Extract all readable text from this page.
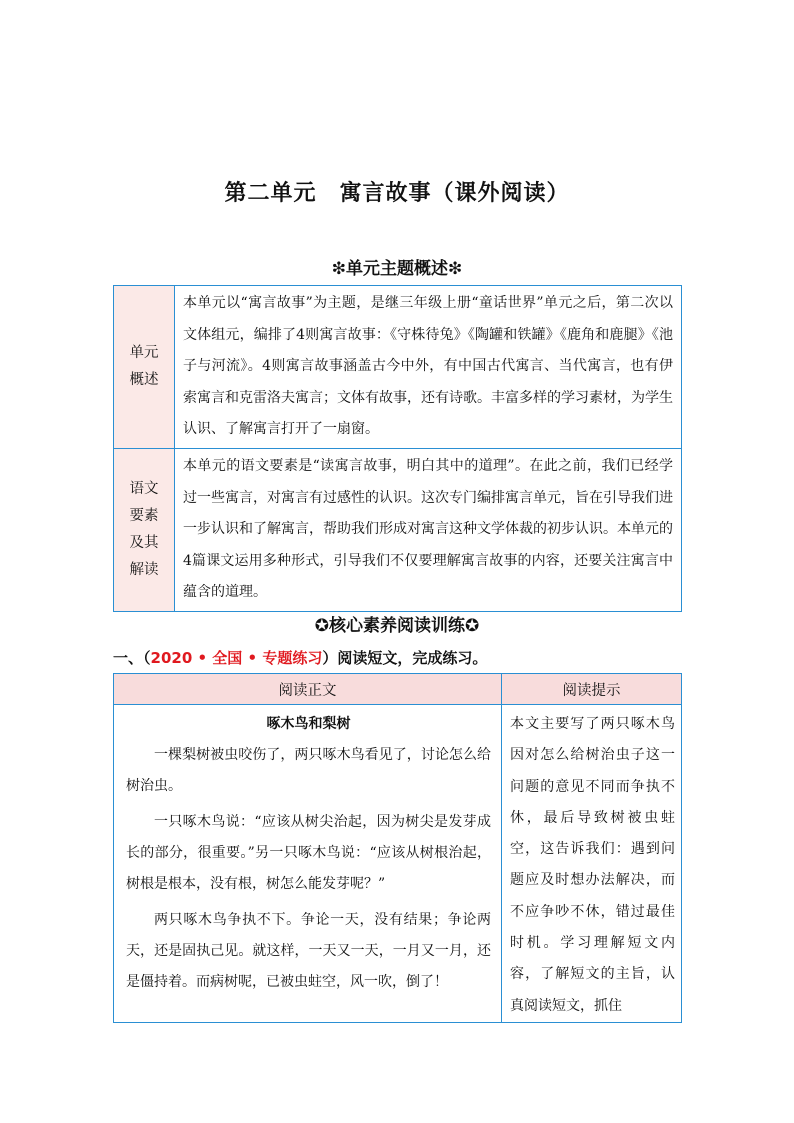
第二单元　寓言故事（课外阅读）
❇单元主题概述❇
单元
概述	本单元以“寓言故事”为主题，是继三年级上册“童话世界”单元之后，第二次以文体组元，编排了4则寓言故事：《守株待兔》《陶罐和铁罐》《鹿角和鹿腿》《池子与河流》。4则寓言故事涵盖古今中外，有中国古代寓言、当代寓言，也有伊索寓言和克雷洛夫寓言；文体有故事，还有诗歌。丰富多样的学习素材，为学生认识、了解寓言打开了一扇窗。

语文
要素
及其
解读	本单元的语文要素是“读寓言故事，明白其中的道理”。在此之前，我们已经学过一些寓言，对寓言有过感性的认识。这次专门编排寓言单元，旨在引导我们进一步认识和了解寓言，帮助我们形成对寓言这种文学体裁的初步认识。本单元的4篇课文运用多种形式，引导我们不仅要理解寓言故事的内容，还要关注寓言中蕴含的道理。
✪核心素养阅读训练✪
一、（2020 • 全国 • 专题练习）阅读短文，完成练习。
阅读正文	阅读提示

啄木鸟和梨树

一棵梨树被虫咬伤了，两只啄木鸟看见了，讨论怎么给树治虫。

一只啄木鸟说：“应该从树尖治起，因为树尖是发芽成长的部分，很重要。”另一只啄木鸟说：“应该从树根治起，树根是根本，没有根，树怎么能发芽呢？”

两只啄木鸟争执不下。争论一天，没有结果；争论两天，还是固执己见。就这样，一天又一天，一月又一月，还是僵持着。而病树呢，已被虫蛀空，风一吹，倒了！	本文主要写了两只啄木鸟因对怎么给树治虫子这一问题的意见不同而争执不休，最后导致树被虫蛀空，这告诉我们：遇到问题应及时想办法解决，而不应争吵不休，错过最佳时机。学习理解短文内容，了解短文的主旨，认真阅读短文，抓住
